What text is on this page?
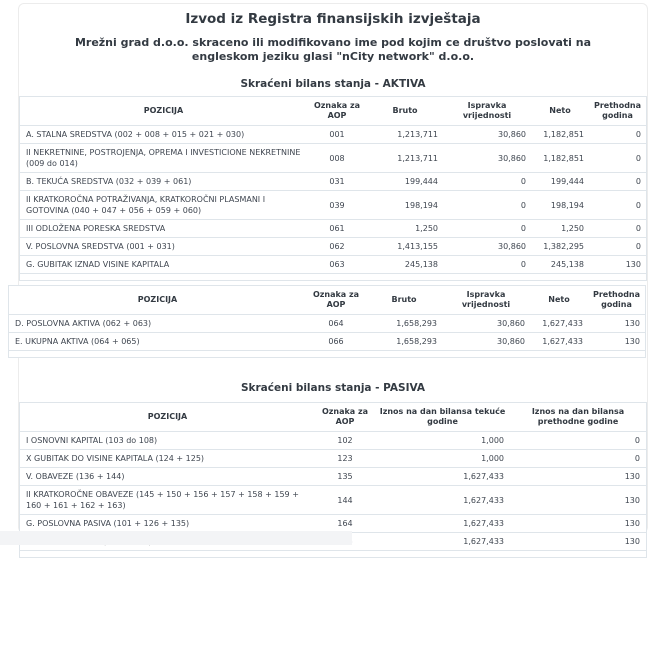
Izvod iz Registra finansijskih izvještaja
Mrežni grad d.o.o. skraceno ili modifikovano ime pod kojim ce društvo poslovati na engleskom jeziku glasi "nCity network" d.o.o.
Skraćeni bilans stanja - AKTIVA
POZICIJA	Oznaka za AOP	Bruto	Ispravka vrijednosti	Neto	Prethodna godina
A. STALNA SREDSTVA (002 + 008 + 015 + 021 + 030)	001	1,213,711	30,860	1,182,851	0
II NEKRETNINE, POSTROJENJA, OPREMA I INVESTICIONE NEKRETNINE (009 do 014)	008	1,213,711	30,860	1,182,851	0
B. TEKUĆA SREDSTVA (032 + 039 + 061)	031	199,444	0	199,444	0
II KRATKOROČNA POTRAŽIVANJA, KRATKOROČNI PLASMANI I GOTOVINA (040 + 047 + 056 + 059 + 060)	039	198,194	0	198,194	0
III ODLOŽENA PORESKA SREDSTVA	061	1,250	0	1,250	0
V. POSLOVNA SREDSTVA (001 + 031)	062	1,413,155	30,860	1,382,295	0
G. GUBITAK IZNAD VISINE KAPITALA	063	245,138	0	245,138	130
POZICIJA	Oznaka za AOP	Bruto	Ispravka vrijednosti	Neto	Prethodna godina
D. POSLOVNA AKTIVA (062 + 063)	064	1,658,293	30,860	1,627,433	130
E. UKUPNA AKTIVA (064 + 065)	066	1,658,293	30,860	1,627,433	130
Skraćeni bilans stanja - PASIVA
POZICIJA	Oznaka za AOP	Iznos na dan bilansa tekuće godine	Iznos na dan bilansa prethodne godine
I OSNOVNI KAPITAL (103 do 108)	102	1,000	0
X GUBITAK DO VISINE KAPITALA (124 + 125)	123	1,000	0
V. OBAVEZE (136 + 144)	135	1,627,433	130
II KRATKOROČNE OBAVEZE (145 + 150 + 156 + 157 + 158 + 159 + 160 + 161 + 162 + 163)	144	1,627,433	130
G. POSLOVNA PASIVA (101 + 126 + 135)	164	1,627,433	130
		1,627,433	130
